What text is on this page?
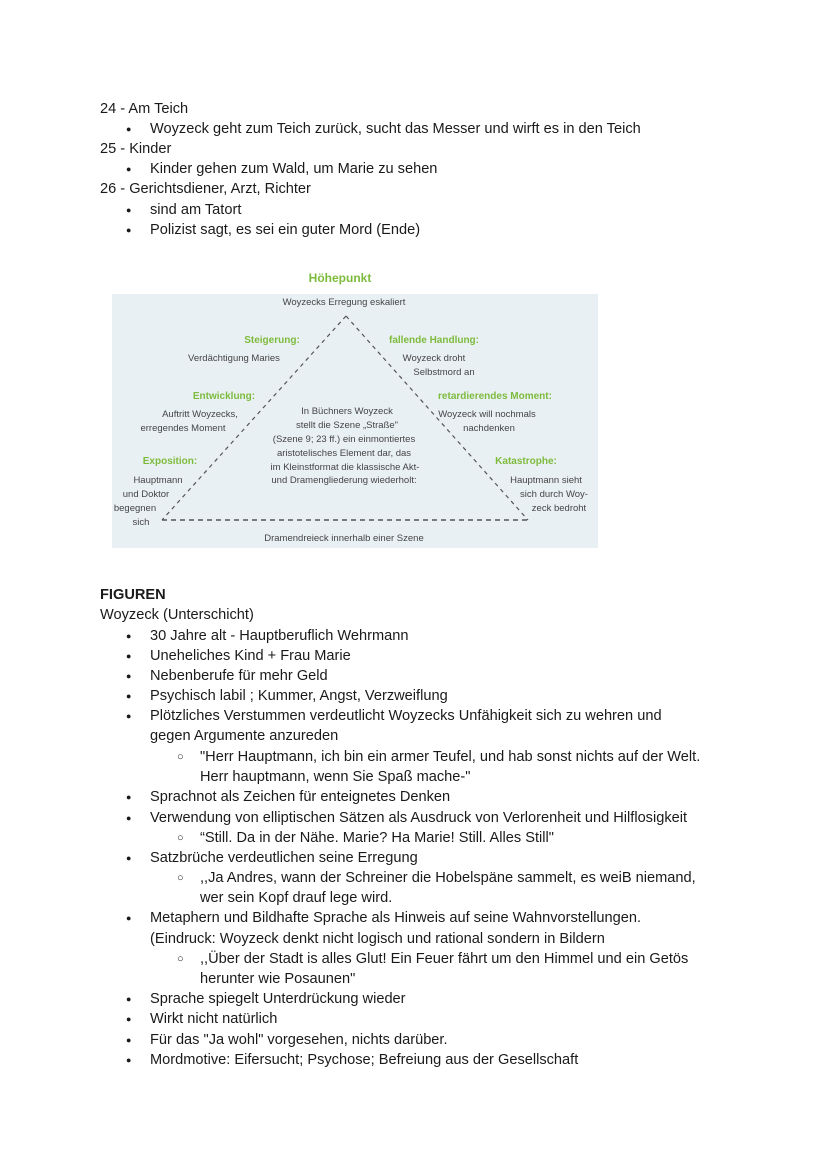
24 - Am Teich
● Woyzeck geht zum Teich zurück, sucht das Messer und wirft es in den Teich
25 - Kinder
● Kinder gehen zum Wald, um Marie zu sehen
26 - Gerichtsdiener, Arzt, Richter
● sind am Tatort
● Polizist sagt, es sei ein guter Mord (Ende)
Höhepunkt
Woyzecks Erregung eskaliert
Steigerung:
Verdächtigung Maries
fallende Handlung:
Woyzeck droht
Selbstmord an
Entwicklung:
Auftritt Woyzecks,
erregendes Moment
retardierendes Moment:
Woyzeck will nochmals
nachdenken
In Büchners Woyzeck
stellt die Szene „Straße"
(Szene 9; 23 ff.) ein einmontiertes
aristotelisches Element dar, das
im Kleinstformat die klassische Akt-
und Dramengliederung wiederholt:
Exposition:
Hauptmann
und Doktor
begegnen
sich
Katastrophe:
Hauptmann sieht
sich durch Woy-
zeck bedroht
Dramendreieck innerhalb einer Szene
FIGUREN
Woyzeck (Unterschicht)
● 30 Jahre alt - Hauptberuflich Wehrmann
● Uneheliches Kind + Frau Marie
● Nebenberufe für mehr Geld
● Psychisch labil ; Kummer, Angst, Verzweiflung
● Plötzliches Verstummen verdeutlicht Woyzecks Unfähigkeit sich zu wehren und
gegen Argumente anzureden
○ "Herr Hauptmann, ich bin ein armer Teufel, und hab sonst nichts auf der Welt.
Herr hauptmann, wenn Sie Spaß mache-"
● Sprachnot als Zeichen für enteignetes Denken
● Verwendung von elliptischen Sätzen als Ausdruck von Verlorenheit und Hilflosigkeit
○ “Still. Da in der Nähe. Marie? Ha Marie! Still. Alles Still"
● Satzbrüche verdeutlichen seine Erregung
○ ,,Ja Andres, wann der Schreiner die Hobelspäne sammelt, es weiB niemand,
wer sein Kopf drauf lege wird.
● Metaphern und Bildhafte Sprache als Hinweis auf seine Wahnvorstellungen.
(Eindruck: Woyzeck denkt nicht logisch und rational sondern in Bildern
○ ,,Über der Stadt is alles Glut! Ein Feuer fährt um den Himmel und ein Getös
herunter wie Posaunen"
● Sprache spiegelt Unterdrückung wieder
● Wirkt nicht natürlich
● Für das "Ja wohl" vorgesehen, nichts darüber.
● Mordmotive: Eifersucht; Psychose; Befreiung aus der Gesellschaft
